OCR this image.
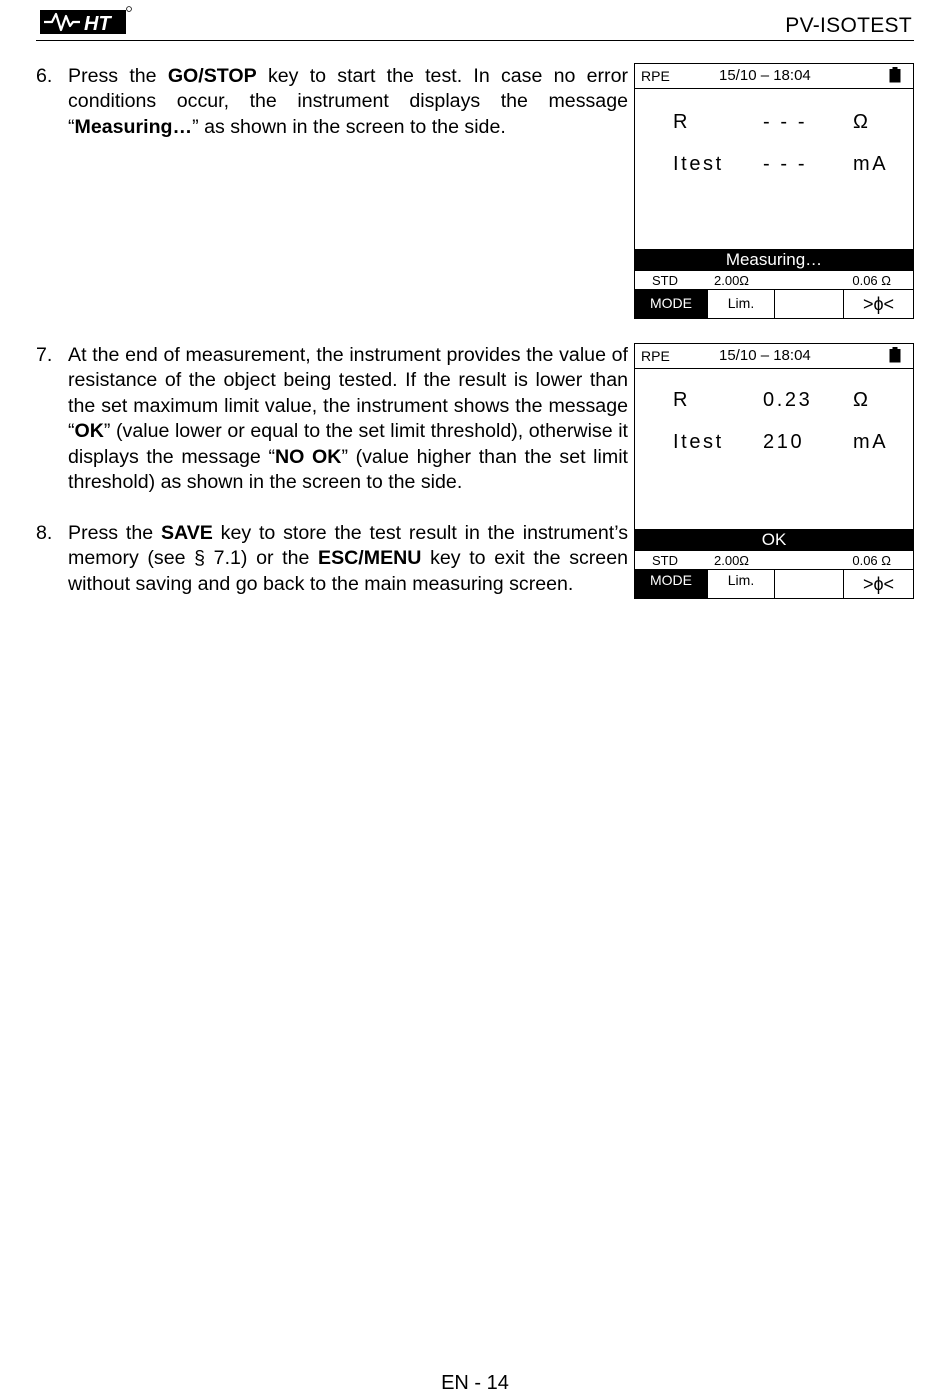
HT	PV-ISOTEST
6. Press the GO/STOP key to start the test. In case no error conditions occur, the instrument displays the message “Measuring…” as shown in the screen to the side.
7. At the end of measurement, the instrument provides the value of resistance of the object being tested. If the result is lower than the set maximum limit value, the instrument shows the message “OK” (value lower or equal to the set limit threshold), otherwise it displays the message “NO OK” (value higher than the set limit threshold) as shown in the screen to the side.
8. Press the SAVE key to store the test result in the instrument’s memory (see § 7.1) or the ESC/MENU key to exit the screen without saving and go back to the main measuring screen.
RPE	15/10 – 18:04
R	- - - Ω
Itest - - - mA
Measuring…
STD	2.00Ω	0.06 Ω
MODE	Lim.	>ϕ<
RPE	15/10 – 18:04
R	0.23 Ω
Itest 210 mA
OK
STD	2.00Ω	0.06 Ω
MODE	Lim.	>ϕ<
EN - 14
